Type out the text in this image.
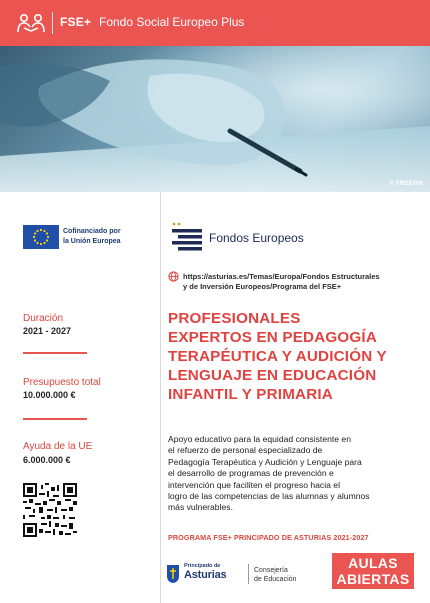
FSE+ Fondo Social Europeo Plus
© FREEPIK
Cofinanciado por
la Unión Europea	Fondos Europeos
https://asturias.es/Temas/Europa/Fondos Estructurales
y de Inversión Europeos/Programa del FSE+
Duración
2021 - 2027
Presupuesto total
10.000.000 €
Ayuda de la UE
6.000.000 €
PROFESIONALES
EXPERTOS EN PEDAGOGÍA
TERAPÉUTICA Y AUDICIÓN Y
LENGUAJE EN EDUCACIÓN
INFANTIL Y PRIMARIA
Apoyo educativo para la equidad consistente en
el refuerzo de personal especializado de
Pedagogía Terapéutica y Audición y Lenguaje para
el desarrollo de programas de prevención e
intervención que faciliten el progreso hacia el
logro de las competencias de las alumnas y alumnos
más vulnerables.
PROGRAMA FSE+ PRINCIPADO DE ASTURIAS 2021-2027
Principado de
Asturias	Consejería
de Educación
AULAS
ABIERTAS
